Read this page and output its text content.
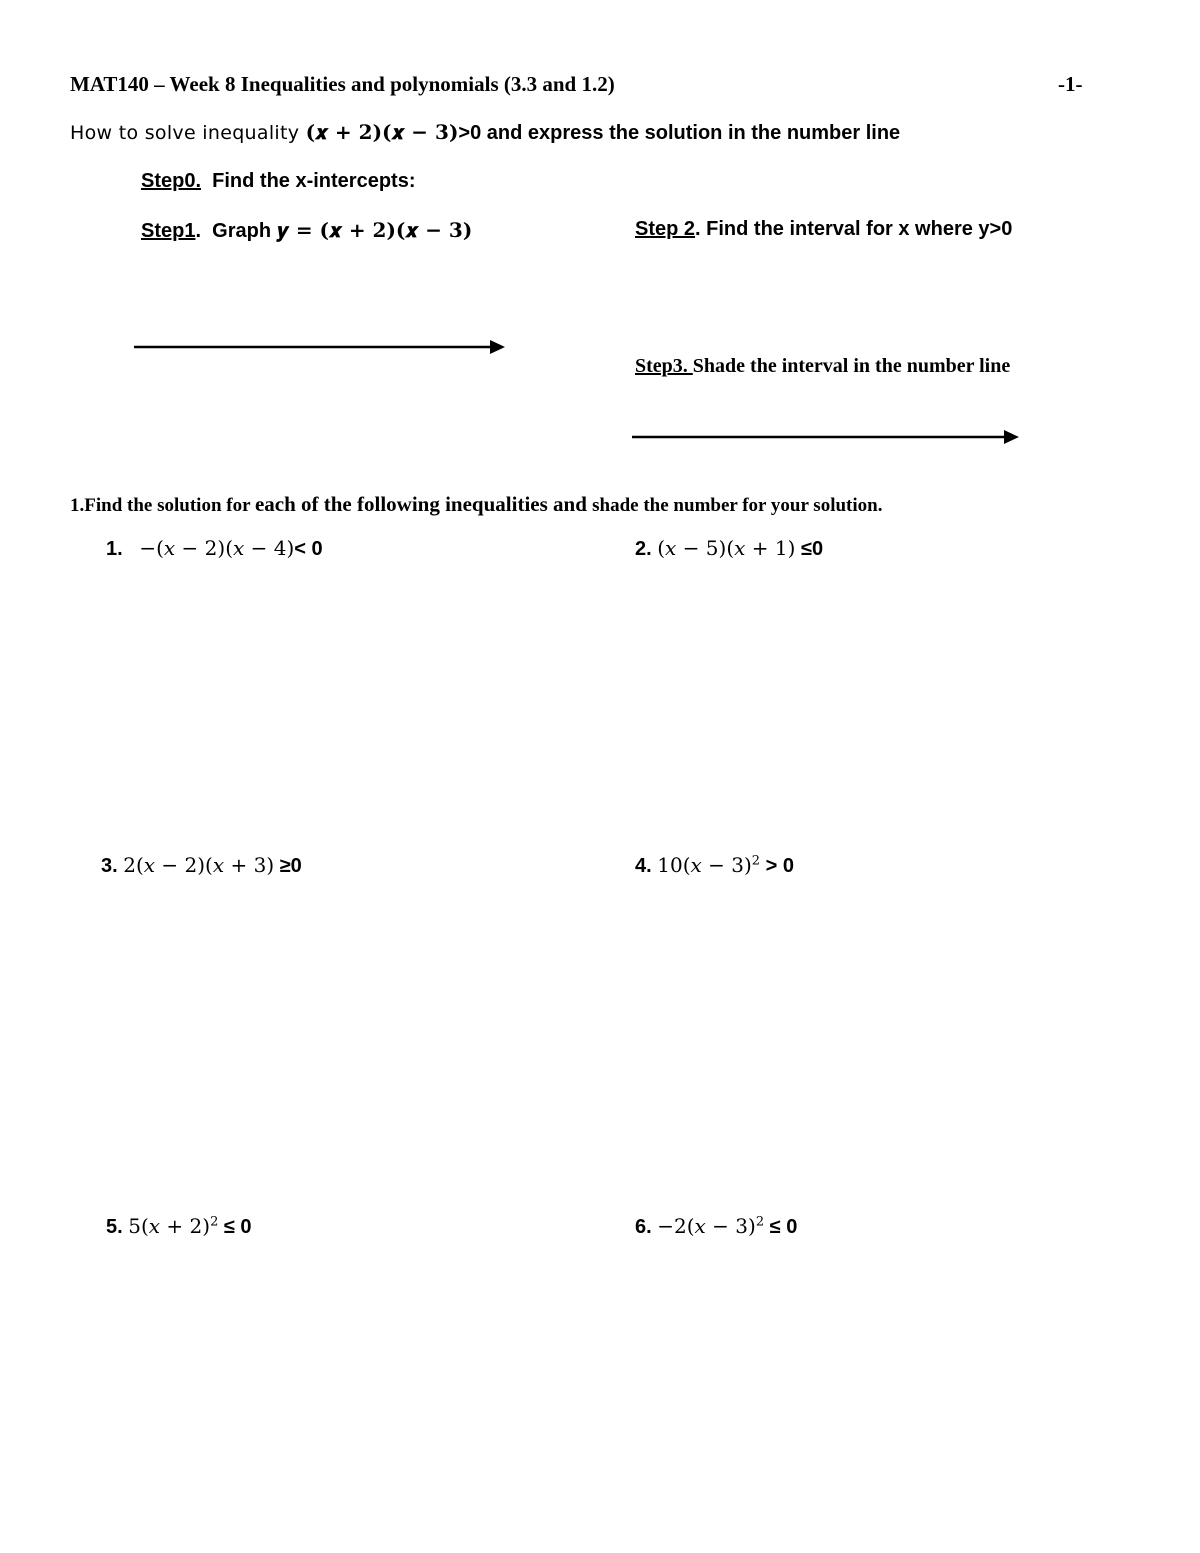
MAT140 – Week 8 Inequalities and polynomials (3.3 and 1.2)	-1-
How to solve inequality (𝒙 + 𝟐)(𝒙 − 𝟑)>0 and express the solution in the number line
Step0.  Find the x-intercepts:
Step1.  Graph 𝒚 = (𝒙 + 𝟐)(𝒙 − 𝟑)	Step 2. Find the interval for x where y>0
Step3. Shade the interval in the number line
1.Find the solution for each of the following inequalities and shade the number for your solution.
1. −(𝑥 − 2)(𝑥 − 4)< 0	2. (𝑥 − 5)(𝑥 + 1) ≤0
3. 2(𝑥 − 2)(𝑥 + 3) ≥0	4. 10(𝑥 − 3)$^2$ > 0
5. 5(𝑥 + 2)$^2$ ≤ 0	6. −2(𝑥 − 3)$^2$ ≤ 0
